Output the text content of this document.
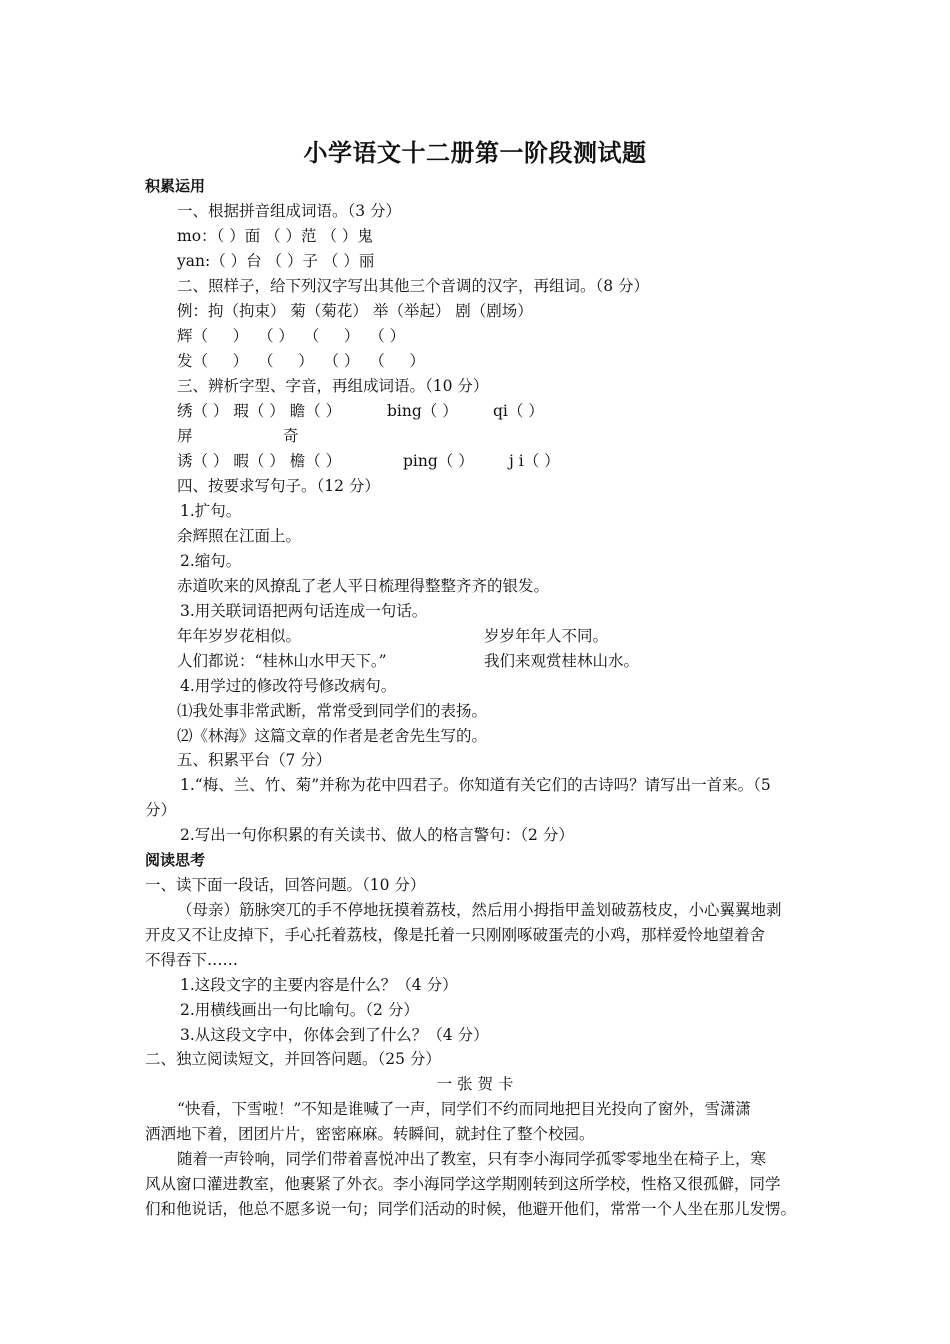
小学语文十二册第一阶段测试题
积累运用
一、根据拼音组成词语。（3 分）
mo：（ ）面 （ ）范 （ ）鬼
yan:（ ）台 （ ）子 （ ）丽
二、照样子，给下列汉字写出其他三个音调的汉字，再组词。（8 分）
例：拘（拘束） 菊（菊花） 举（举起） 剧（剧场）
辉（     ）  （ ）  （     ）  （ ）
发（     ）  （     ）  （ ）  （     ）
三、辨析字型、字音，再组成词语。（10 分）
绣（ ） 瑕（ ） 瞻（ ）	bing（ ） qi（ ）
屏	奇
诱（ ） 暇（ ） 檐（ ）	ping（ ） j i（ ）
四、按要求写句子。（12 分）
1.扩句。
余辉照在江面上。
2.缩句。
赤道吹来的风撩乱了老人平日梳理得整整齐齐的银发。
3.用关联词语把两句话连成一句话。
年年岁岁花相似。	岁岁年年人不同。
人们都说：“桂林山水甲天下。”	我们来观赏桂林山水。
4.用学过的修改符号修改病句。
⑴我处事非常武断，常常受到同学们的表扬。
⑵《林海》这篇文章的作者是老舍先生写的。
五、积累平台（7 分）
1.“梅、兰、竹、菊”并称为花中四君子。你知道有关它们的古诗吗？请写出一首来。（5
分）
2.写出一句你积累的有关读书、做人的格言警句：（2 分）
阅读思考
一、读下面一段话，回答问题。（10 分）
（母亲）筋脉突兀的手不停地抚摸着荔枝，然后用小拇指甲盖划破荔枝皮，小心翼翼地剥
开皮又不让皮掉下，手心托着荔枝，像是托着一只刚刚啄破蛋壳的小鸡，那样爱怜地望着舍
不得吞下……
1.这段文字的主要内容是什么？（4 分）
2.用横线画出一句比喻句。（2 分）
3.从这段文字中，你体会到了什么？（4 分）
二、独立阅读短文，并回答问题。（25 分）
一 张 贺 卡
“快看，下雪啦！”不知是谁喊了一声，同学们不约而同地把目光投向了窗外，雪潇潇
洒洒地下着，团团片片，密密麻麻。转瞬间，就封住了整个校园。
随着一声铃响，同学们带着喜悦冲出了教室，只有李小海同学孤零零地坐在椅子上，寒
风从窗口灌进教室，他裹紧了外衣。李小海同学这学期刚转到这所学校，性格又很孤僻，同学
们和他说话，他总不愿多说一句；同学们活动的时候，他避开他们，常常一个人坐在那儿发愣。
